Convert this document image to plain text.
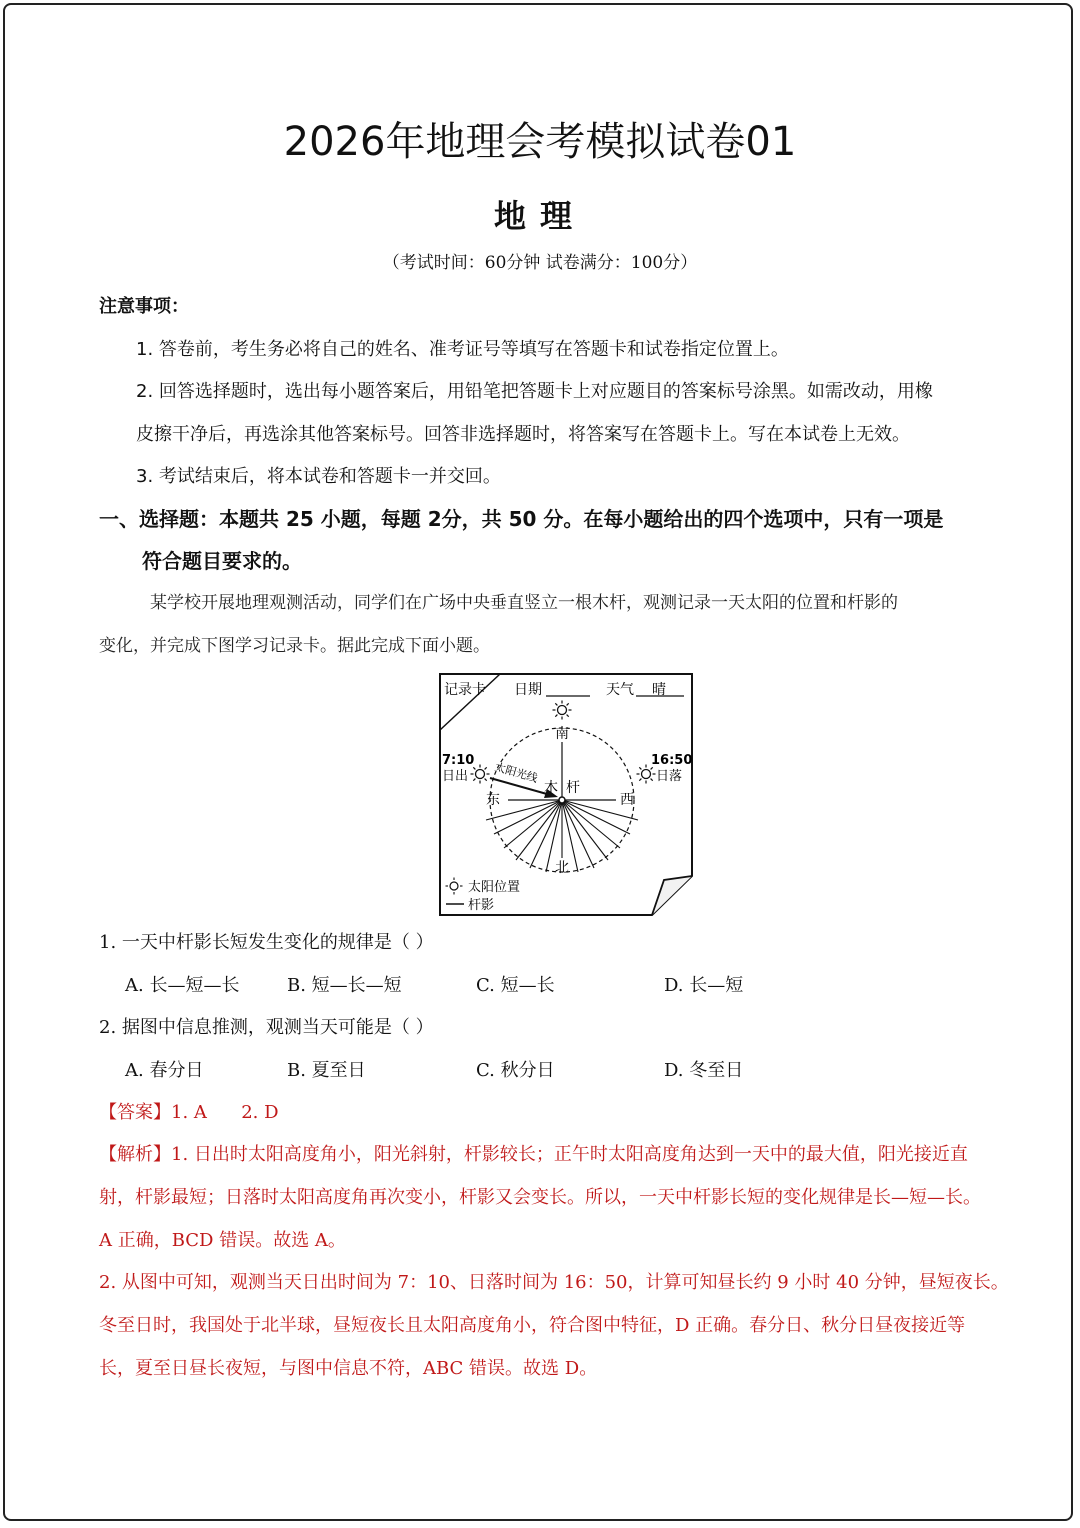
2026年地理会考模拟试卷01
地理
（考试时间：60分钟 试卷满分：100分）
注意事项：
1. 答卷前，考生务必将自己的姓名、准考证号等填写在答题卡和试卷指定位置上。
2. 回答选择题时，选出每小题答案后，用铅笔把答题卡上对应题目的答案标号涂黑。如需改动，用橡
皮擦干净后，再选涂其他答案标号。回答非选择题时，将答案写在答题卡上。写在本试卷上无效。
3. 考试结束后，将本试卷和答题卡一并交回。
一、选择题：本题共 25 小题，每题 2分，共 50 分。在每小题给出的四个选项中，只有一项是
符合题目要求的。
某学校开展地理观测活动，同学们在广场中央垂直竖立一根木杆，观测记录一天太阳的位置和杆影的
变化，并完成下图学习记录卡。据此完成下面小题。
记录卡 日期	天气 晴
太阳光线
南
北
东	西
木 杆
7:10
日出
16:50
日落
太阳位置
杆影
1. 一天中杆影长短发生变化的规律是（ ）
A. 长—短—长	B. 短—长—短	C. 短—长	D. 长—短
2. 据图中信息推测，观测当天可能是（ ）
A. 春分日	B. 夏至日	C. 秋分日	D. 冬至日
【答案】1. A      2. D
【解析】1. 日出时太阳高度角小，阳光斜射，杆影较长；正午时太阳高度角达到一天中的最大值，阳光接近直
射，杆影最短；日落时太阳高度角再次变小，杆影又会变长。所以，一天中杆影长短的变化规律是长—短—长。
A 正确，BCD 错误。故选 A。
2. 从图中可知，观测当天日出时间为 7：10、日落时间为 16：50，计算可知昼长约 9 小时 40 分钟，昼短夜长。
冬至日时，我国处于北半球，昼短夜长且太阳高度角小，符合图中特征，D 正确。春分日、秋分日昼夜接近等
长，夏至日昼长夜短，与图中信息不符，ABC 错误。故选 D。
